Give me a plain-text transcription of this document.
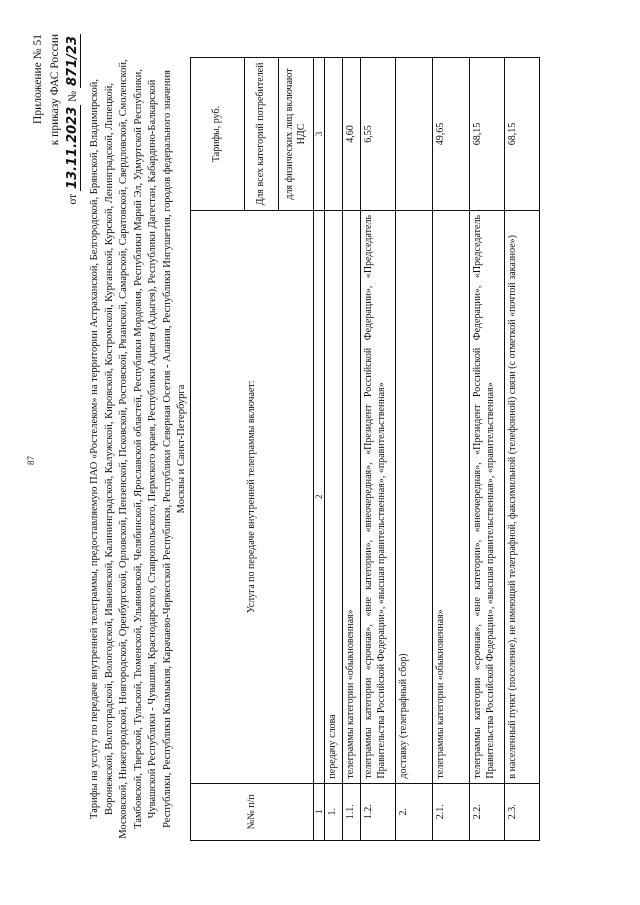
87
Приложение № 51 к приказу ФАС России
от 13.11.2023 № 871/23
Тарифы на услугу по передаче внутренней телеграммы, предоставляемую ПАО «Ростелеком» на территории Астраханской, Белгородской, Брянской, Владимирской, Воронежской, Волгоградской, Вологодской, Ивановской, Калининградской, Калужской, Кировской, Костромской, Курганской, Курской, Ленинградской, Липецкой, Московской, Нижегородской, Новгородской, Оренбургской, Орловской, Пензенской, Псковской, Ростовской, Рязанской, Самарской, Саратовской, Свердловской, Смоленской, Тамбовской, Тверской, Тульской, Тюменской, Ульяновской, Челябинской, Ярославской областей, Республики Мордовия, Республики Марий Эл, Удмуртской Республики, Чувашской Республики - Чувашия, Краснодарского, Ставропольского, Пермского краев, Республики Адыгея (Адыгея), Республики Дагестан, Кабардино-Балкарской Республики, Республики Калмыкия, Карачаево-Черкесской Республики, Республики Северная Осетия - Алания, Республики Ингушетия, городов федерального значения Москвы и Санкт-Петербурга
№№ п/п	Услуга по передаче внутренней телеграммы включает:	Тарифы, руб.
		Для всех категорий потребителей
		для физических лиц включают НДС
1	2	3
1.	передачу слова	
1.1.	телеграммы категории «обыкновенная»	4,60
1.2.	телеграммы категории «срочная», «вне категории», «внеочередная», «Президент Российской Федерации», «Председатель Правительства Российской Федерации», «высшая правительственная», «правительственная»	6,55
2.	доставку (телеграфный сбор)	
2.1.	телеграммы категории «обыкновенная»	49,65
2.2.	телеграммы категории «срочная», «вне категории», «внеочередная», «Президент Российской Федерации», «Председатель Правительства Российской Федерации», «высшая правительственная», «правительственная»	68,15
2.3.	в населенный пункт (поселение), не имеющий телеграфной, факсимильной (телефонной) связи (с отметкой «почтой заказное»)	68,15
